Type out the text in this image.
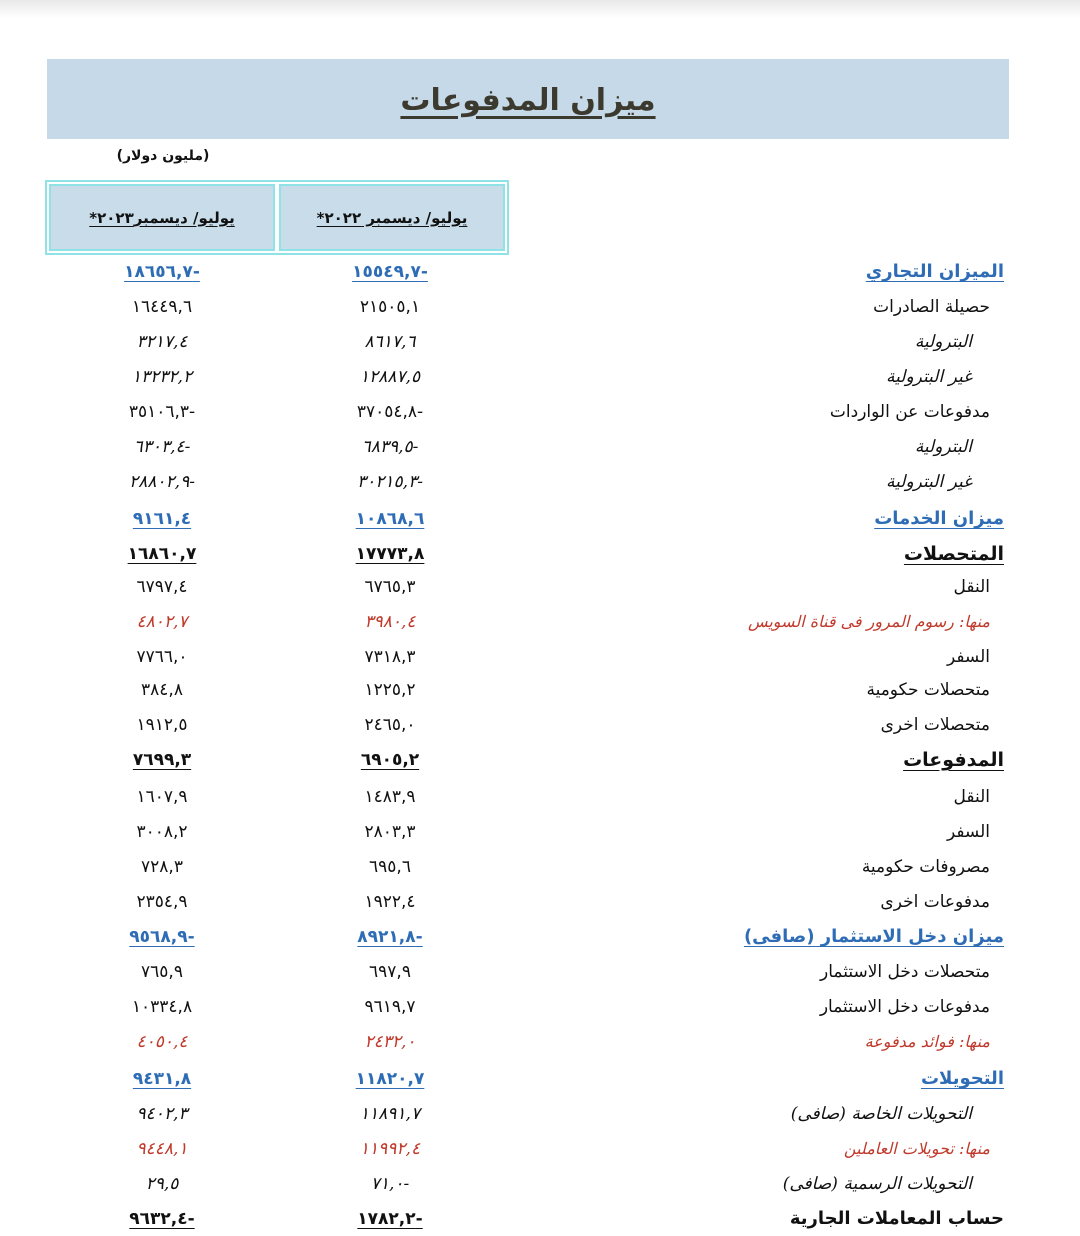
ميزان المدفوعات
(مليون دولار)
يوليو/ ديسمبر٢٠٢٣*	يوليو/ ديسمبر ٢٠٢٢*
الميزان التجاري
١٥٥٤٩,٧-
١٨٦٥٦,٧-
حصيلة الصادرات
٢١٥٠٥,١
١٦٤٤٩,٦
البترولية
٨٦١٧,٦
٣٢١٧,٤
غير البترولية
١٢٨٨٧,٥
١٣٢٣٢,٢
مدفوعات عن الواردات
٣٧٠٥٤,٨-
٣٥١٠٦,٣-
البترولية
٦٨٣٩,٥-
٦٣٠٣,٤-
غير البترولية
٣٠٢١٥,٣-
٢٨٨٠٢,٩-
ميزان الخدمات
١٠٨٦٨,٦
٩١٦١,٤
المتحصلات
١٧٧٧٣,٨
١٦٨٦٠,٧
النقل
٦٧٦٥,٣
٦٧٩٧,٤
منها: رسوم المرور فى قناة السويس
٣٩٨٠,٤
٤٨٠٢,٧
السفر
٧٣١٨,٣
٧٧٦٦,٠
متحصلات حكومية
١٢٢٥,٢
٣٨٤,٨
متحصلات اخرى
٢٤٦٥,٠
١٩١٢,٥
المدفوعات
٦٩٠٥,٢
٧٦٩٩,٣
النقل
١٤٨٣,٩
١٦٠٧,٩
السفر
٢٨٠٣,٣
٣٠٠٨,٢
مصروفات حكومية
٦٩٥,٦
٧٢٨,٣
مدفوعات اخرى
١٩٢٢,٤
٢٣٥٤,٩
ميزان دخل الاستثمار (صافى)
٨٩٢١,٨-
٩٥٦٨,٩-
متحصلات دخل الاستثمار
٦٩٧,٩
٧٦٥,٩
مدفوعات دخل الاستثمار
٩٦١٩,٧
١٠٣٣٤,٨
منها: فوائد مدفوعة
٢٤٣٢,٠
٤٠٥٠,٤
التحويلات
١١٨٢٠,٧
٩٤٣١,٨
التحويلات الخاصة (صافى)
١١٨٩١,٧
٩٤٠٢,٣
منها: تحويلات العاملين
١١٩٩٢,٤
٩٤٤٨,١
التحويلات الرسمية (صافى)
٧١,٠-
٢٩,٥
حساب المعاملات الجارية
١٧٨٢,٢-
٩٦٣٢,٤-
